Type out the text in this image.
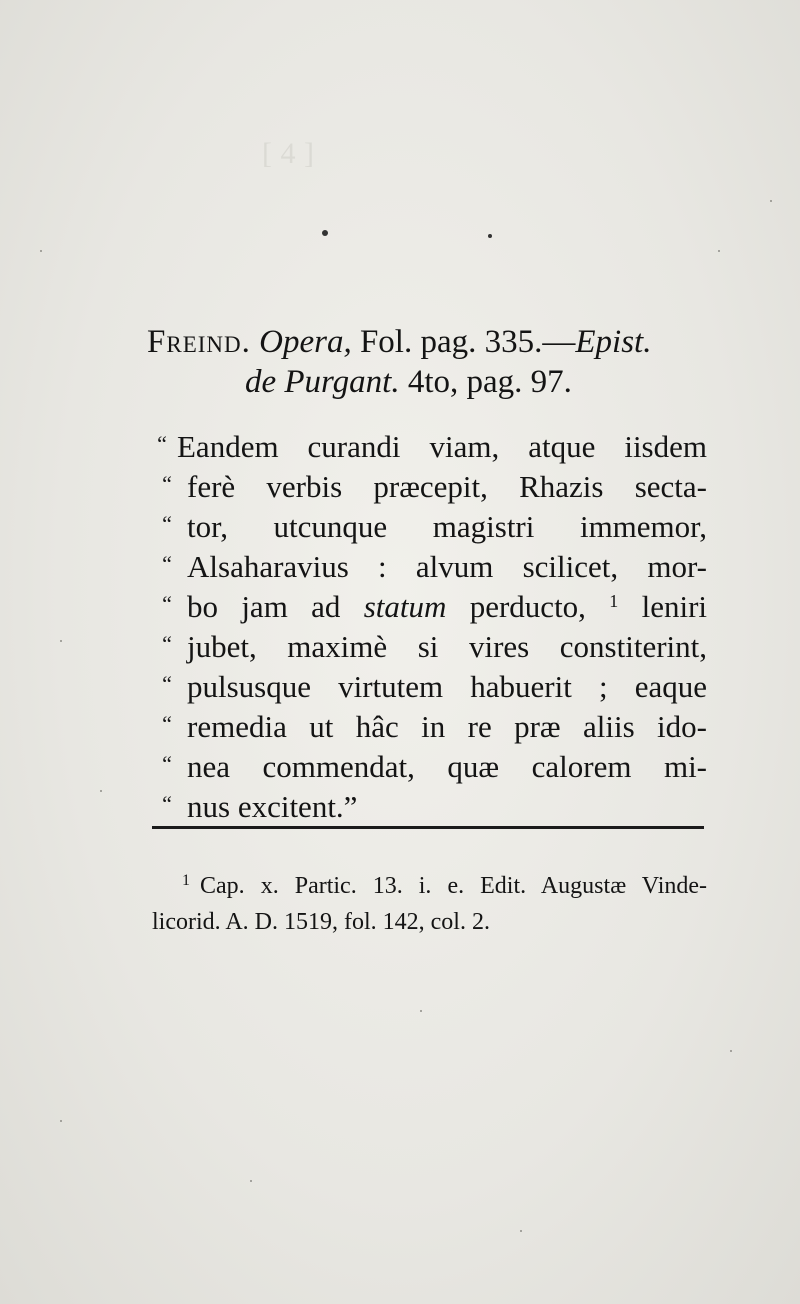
[ 4 ]

Freind. Opera, Fol. pag. 335.—Epist.
de Purgant. 4to, pag. 97.
“ Eandem curandi viam, atque iisdem
“ ferè verbis præcepit, Rhazis secta-
“ tor, utcunque magistri immemor,
“ Alsaharavius : alvum scilicet, mor-
“ bo jam ad statum perducto, $^1$ leniri
“ jubet, maximè si vires constiterint,
“ pulsusque virtutem habuerit ; eaque
“ remedia ut hâc in re præ aliis ido-
“ nea commendat, quæ calorem mi-
“ nus excitent.”
$^1$ Cap. x. Partic. 13. i. e. Edit. Augustæ Vinde-
licorid. A. D. 1519, fol. 142, col. 2.
